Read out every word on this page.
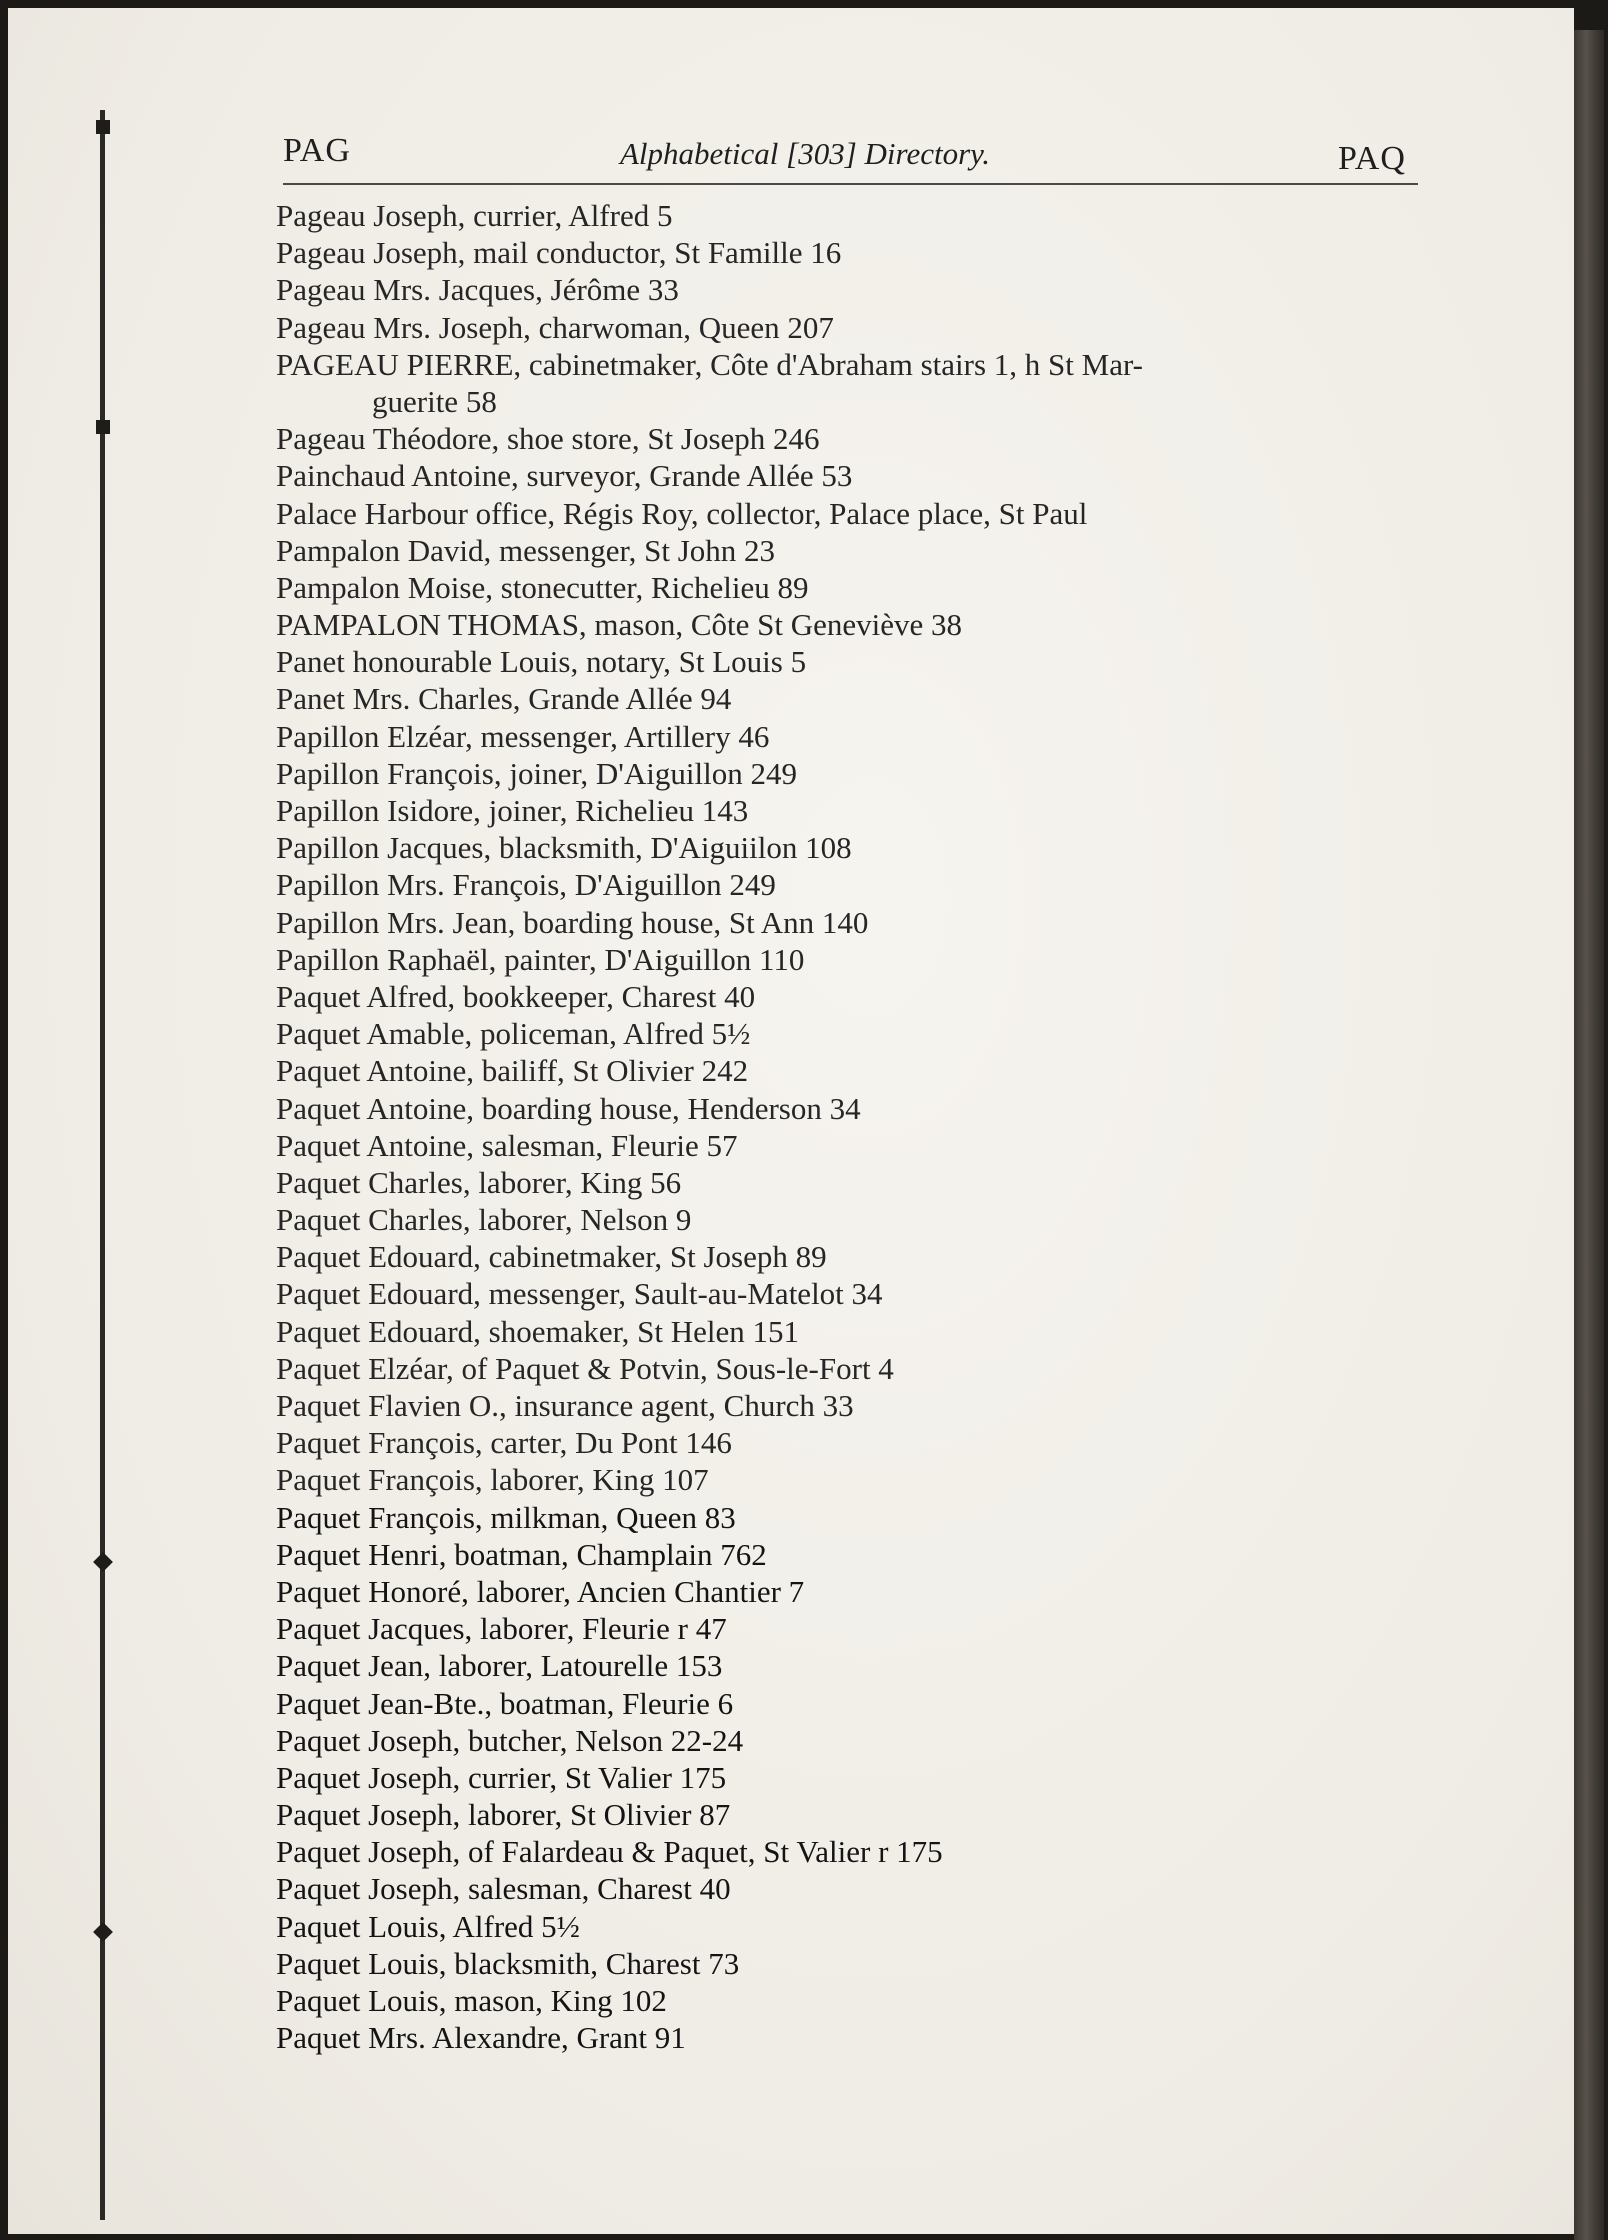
PAG	Alphabetical [303] Directory.	PAQ
Pageau Joseph, currier, Alfred 5
Pageau Joseph, mail conductor, St Famille 16
Pageau Mrs. Jacques, Jérôme 33
Pageau Mrs. Joseph, charwoman, Queen 207
PAGEAU PIERRE, cabinetmaker, Côte d'Abraham stairs 1, h St Mar-
guerite 58
Pageau Théodore, shoe store, St Joseph 246
Painchaud Antoine, surveyor, Grande Allée 53
Palace Harbour office, Régis Roy, collector, Palace place, St Paul
Pampalon David, messenger, St John 23
Pampalon Moise, stonecutter, Richelieu 89
PAMPALON THOMAS, mason, Côte St Geneviève 38
Panet honourable Louis, notary, St Louis 5
Panet Mrs. Charles, Grande Allée 94
Papillon Elzéar, messenger, Artillery 46
Papillon François, joiner, D'Aiguillon 249
Papillon Isidore, joiner, Richelieu 143
Papillon Jacques, blacksmith, D'Aiguiilon 108
Papillon Mrs. François, D'Aiguillon 249
Papillon Mrs. Jean, boarding house, St Ann 140
Papillon Raphaël, painter, D'Aiguillon 110
Paquet Alfred, bookkeeper, Charest 40
Paquet Amable, policeman, Alfred 5½
Paquet Antoine, bailiff, St Olivier 242
Paquet Antoine, boarding house, Henderson 34
Paquet Antoine, salesman, Fleurie 57
Paquet Charles, laborer, King 56
Paquet Charles, laborer, Nelson 9
Paquet Edouard, cabinetmaker, St Joseph 89
Paquet Edouard, messenger, Sault-au-Matelot 34
Paquet Edouard, shoemaker, St Helen 151
Paquet Elzéar, of Paquet & Potvin, Sous-le-Fort 4
Paquet Flavien O., insurance agent, Church 33
Paquet François, carter, Du Pont 146
Paquet François, laborer, King 107
Paquet François, milkman, Queen 83
Paquet Henri, boatman, Champlain 762
Paquet Honoré, laborer, Ancien Chantier 7
Paquet Jacques, laborer, Fleurie r 47
Paquet Jean, laborer, Latourelle 153
Paquet Jean-Bte., boatman, Fleurie 6
Paquet Joseph, butcher, Nelson 22-24
Paquet Joseph, currier, St Valier 175
Paquet Joseph, laborer, St Olivier 87
Paquet Joseph, of Falardeau & Paquet, St Valier r 175
Paquet Joseph, salesman, Charest 40
Paquet Louis, Alfred 5½
Paquet Louis, blacksmith, Charest 73
Paquet Louis, mason, King 102
Paquet Mrs. Alexandre, Grant 91
